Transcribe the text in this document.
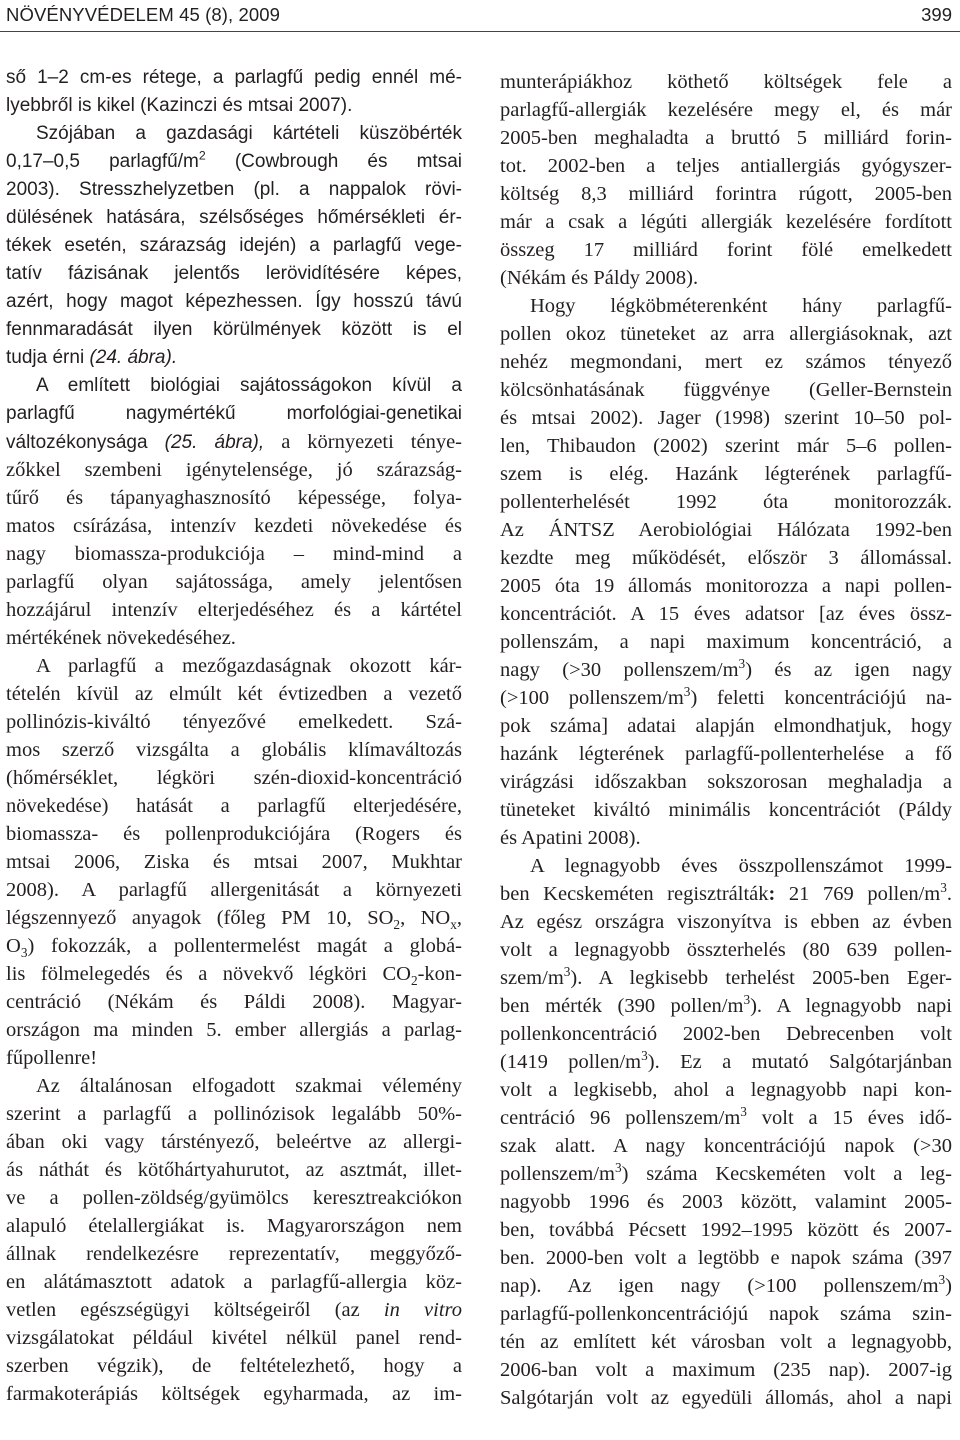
NÖVÉNYVÉDELEM 45 (8), 2009	399
ső 1–2 cm-es rétege, a parlagfű pedig ennél mé-
lyebbről is kikel (Kazinczi és mtsai 2007).
Szójában a gazdasági kártételi küszöbérték
0,17–0,5 parlagfű/$m^2$ (Cowbrough és mtsai
2003). Stresszhelyzetben (pl. a nappalok rövi-
dülésének hatására, szélsőséges hőmérsékleti ér-
tékek esetén, szárazság idején) a parlagfű vege-
tatív fázisának jelentős lerövidítésére képes,
azért, hogy magot képezhessen. Így hosszú távú
fennmaradását ilyen körülmények között is el
tudja érni (24. ábra).
A említett biológiai sajátosságokon kívül a
parlagfű nagymértékű morfológiai-genetikai
változékonysága (25. ábra), a környezeti ténye-
zőkkel szembeni igénytelensége, jó szárazság-
tűrő és tápanyaghasznosító képessége, folya-
matos csírázása, intenzív kezdeti növekedése és
nagy biomassza-produkciója – mind-mind a
parlagfű olyan sajátossága, amely jelentősen
hozzájárul intenzív elterjedéséhez és a kártétel
mértékének növekedéséhez.
A parlagfű a mezőgazdaságnak okozott kár-
tételén kívül az elmúlt két évtizedben a vezető
pollinózis-kiváltó tényezővé emelkedett. Szá-
mos szerző vizsgálta a globális klímaváltozás
(hőmérséklet, légköri szén-dioxid-koncentráció
növekedése) hatását a parlagfű elterjedésére,
biomassza- és pollenprodukciójára (Rogers és
mtsai 2006, Ziska és mtsai 2007, Mukhtar
2008). A parlagfű allergenitását a környezeti
légszennyező anyagok (főleg PM 10, $SO_2$, $NO_x$,
$O_3$) fokozzák, a pollentermelést magát a globá-
lis fölmelegedés és a növekvő légköri $CO_2-kon-$
centráció (Nékám és Páldi 2008). Magyar-
országon ma minden 5. ember allergiás a parlag-
fűpollenre!
Az általánosan elfogadott szakmai vélemény
szerint a parlagfű a pollinózisok legalább 50%-
ában oki vagy társtényező, beleértve az allergi-
ás náthát és kötőhártyahurutot, az asztmát, illet-
ve a pollen-zöldség/gyümölcs keresztreakciókon
alapuló ételallergiákat is. Magyarországon nem
állnak rendelkezésre reprezentatív, meggyőző-
en alátámasztott adatok a parlagfű-allergia köz-
vetlen egészségügyi költségeiről (az in vitro
vizsgálatokat például kivétel nélkül panel rend-
szerben végzik), de feltételezhető, hogy a
farmakoterápiás költségek egyharmada, az im-
munterápiákhoz köthető költségek fele a
parlagfű-allergiák kezelésére megy el, és már
2005-ben meghaladta a bruttó 5 milliárd forin-
tot. 2002-ben a teljes antiallergiás gyógyszer-
költség 8,3 milliárd forintra rúgott, 2005-ben
már a csak a légúti allergiák kezelésére fordított
összeg 17 milliárd forint fölé emelkedett
(Nékám és Páldy 2008).
Hogy légköbméterenként hány parlagfű-
pollen okoz tüneteket az arra allergiásoknak, azt
nehéz megmondani, mert ez számos tényező
kölcsönhatásának függvénye (Geller-Bernstein
és mtsai 2002). Jager (1998) szerint 10–50 pol-
len, Thibaudon (2002) szerint már 5–6 pollen-
szem is elég. Hazánk légterének parlagfű-
pollenterhelését 1992 óta monitorozzák.
Az ÁNTSZ Aerobiológiai Hálózata 1992-ben
kezdte meg működését, először 3 állomással.
2005 óta 19 állomás monitorozza a napi pollen-
koncentrációt. A 15 éves adatsor [az éves össz-
pollenszám, a napi maximum koncentráció, a
nagy (>30 pollenszem/$m^3$) és az igen nagy
(>100 pollenszem/$m^3$) feletti koncentrációjú na-
pok száma] adatai alapján elmondhatjuk, hogy
hazánk légterének parlagfű-pollenterhelése a fő
virágzási időszakban sokszorosan meghaladja a
tüneteket kiváltó minimális koncentrációt (Páldy
és Apatini 2008).
A legnagyobb éves összpollenszámot 1999-
ben Kecskeméten regisztrálták: 21 769 pollen/$m^3$.
Az egész országra viszonyítva is ebben az évben
volt a legnagyobb összterhelés (80 639 pollen-
szem/$m^3$). A legkisebb terhelést 2005-ben Eger-
ben mérték (390 pollen/$m^3$). A legnagyobb napi
pollenkoncentráció 2002-ben Debrecenben volt
(1419 pollen/$m^3$). Ez a mutató Salgótarjánban
volt a legkisebb, ahol a legnagyobb napi kon-
centráció 96 pollenszem/$m^3$ volt a 15 éves idő-
szak alatt. A nagy koncentrációjú napok (>30
pollenszem/$m^3$) száma Kecskeméten volt a leg-
nagyobb 1996 és 2003 között, valamint 2005-
ben, továbbá Pécsett 1992–1995 között és 2007-
ben. 2000-ben volt a legtöbb e napok száma (397
nap). Az igen nagy (>100 pollenszem/$m^3$)
parlagfű-pollenkoncentrációjú napok száma szin-
tén az említett két városban volt a legnagyobb,
2006-ban volt a maximum (235 nap). 2007-ig
Salgótarján volt az egyedüli állomás, ahol a napi
